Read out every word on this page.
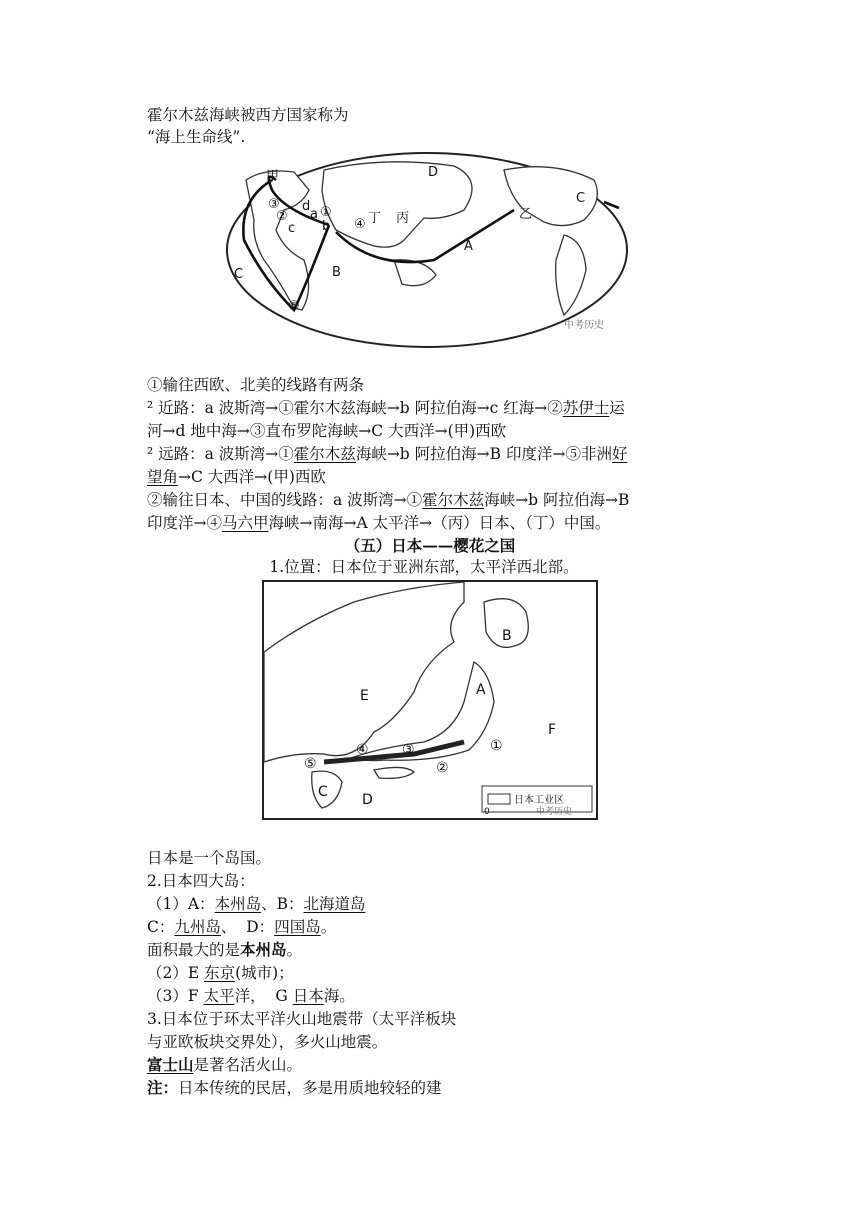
霍尔木兹海峡被西方国家称为
“海上生命线”.
甲	D
C
A
B
C
乙
丁 丙
a
b
c
d ①
②
③
④
⑤
中考历史
①输往西欧、北美的线路有两条
² 近路：a 波斯湾→①霍尔木兹海峡→b 阿拉伯海→c 红海→②苏伊士运
河→d 地中海→③直布罗陀海峡→C 大西洋→(甲)西欧
² 远路：a 波斯湾→①霍尔木兹海峡→b 阿拉伯海→B 印度洋→⑤非洲好
望角→C 大西洋→(甲)西欧
②输往日本、中国的线路：a 波斯湾→①霍尔木兹海峡→b 阿拉伯海→B
印度洋→④马六甲海峡→南海→A 太平洋→（丙）日本、（丁）中国。
（五）日本——樱花之国
1.位置：日本位于亚洲东部，太平洋西北部。
A
B
C D
E
F
①
②
③
④
⑤
日本工业区
0	中考历史
日本是一个岛国。
2.日本四大岛：
（1）A：本州岛、B：北海道岛
C：九州岛、  D：四国岛。
面积最大的是本州岛。
（2）E 东京(城市)；
（3）F 太平洋，  G 日本海。
3.日本位于环太平洋火山地震带（太平洋板块
与亚欧板块交界处），多火山地震。
富士山是著名活火山。
注：日本传统的民居，多是用质地较轻的建
